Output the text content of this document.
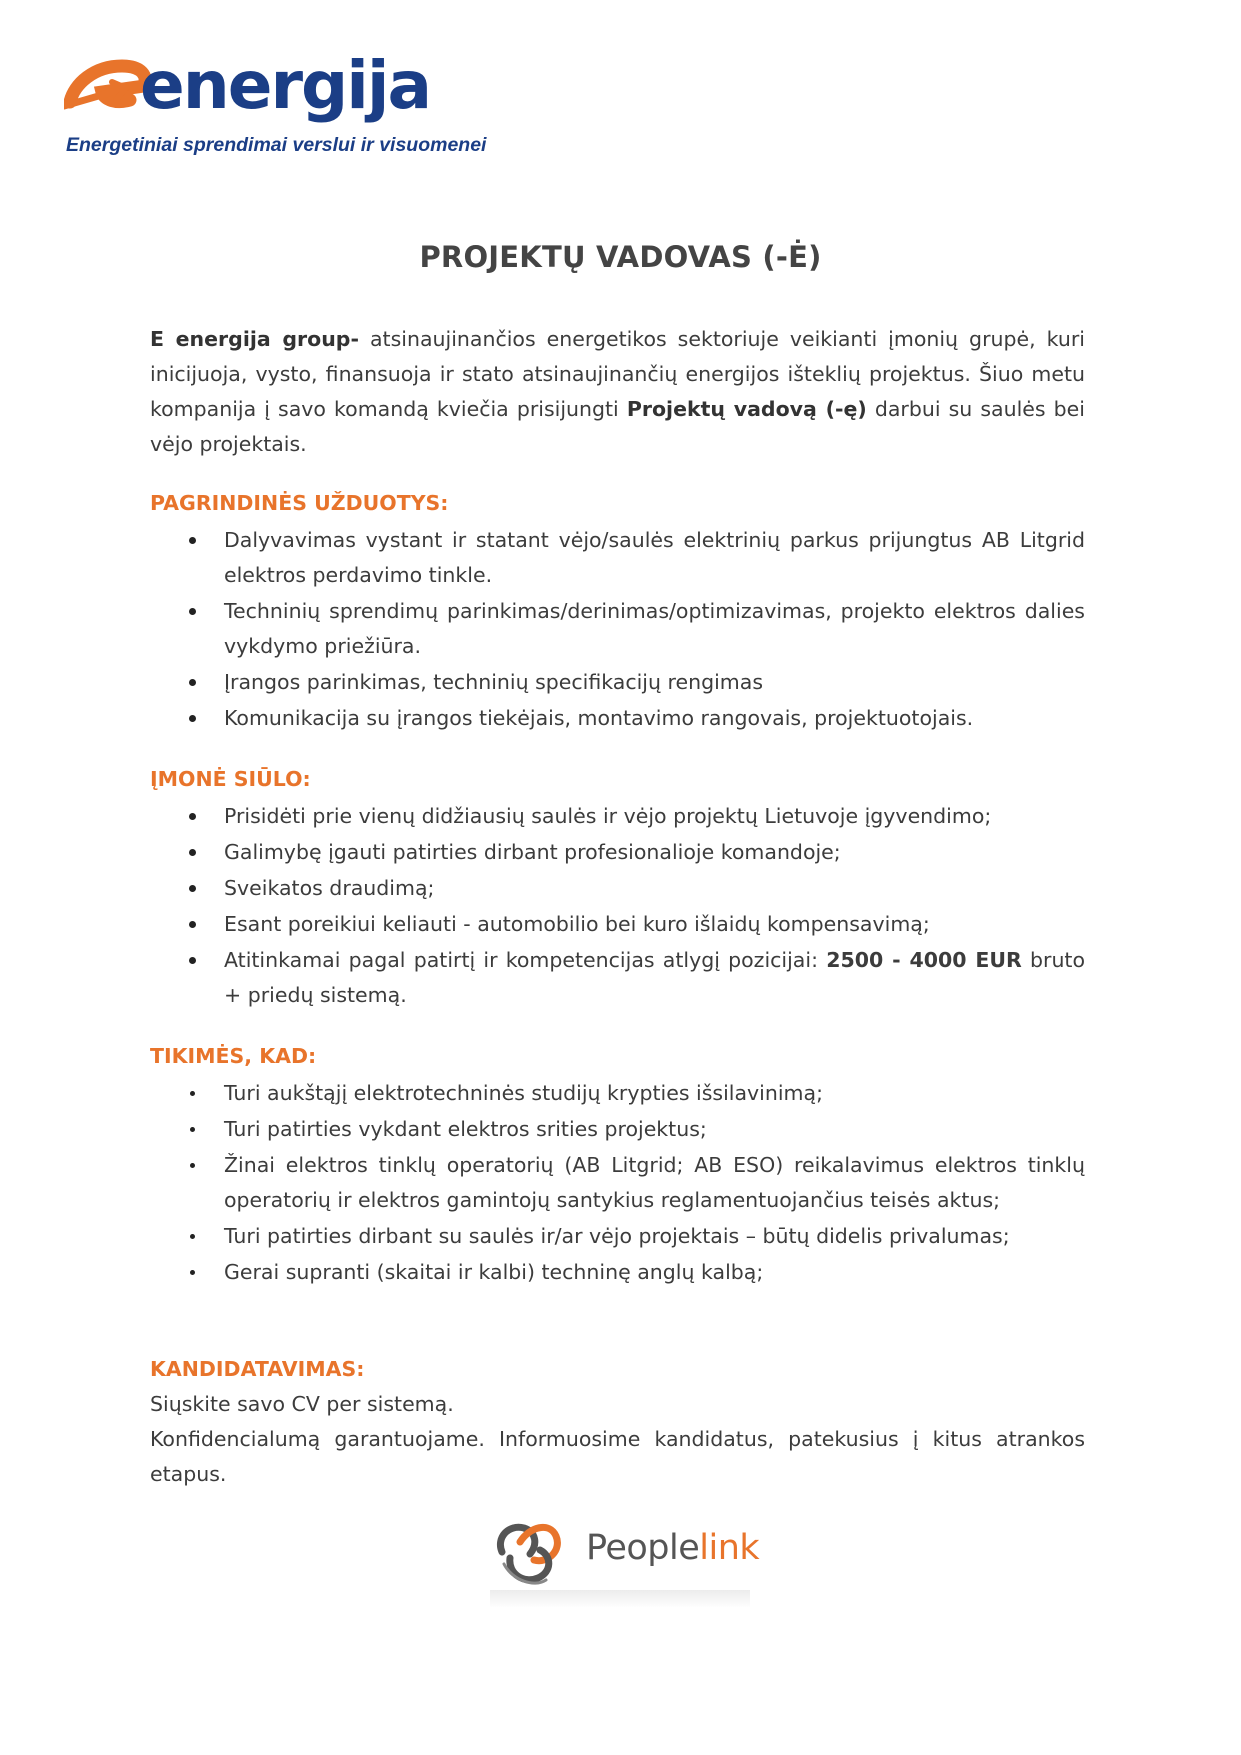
energija
Energetiniai sprendimai verslui ir visuomenei
PROJEKTŲ VADOVAS (-Ė)

E energija group- atsinaujinančios energetikos sektoriuje veikianti įmonių grupė, kuri inicijuoja, vysto, finansuoja ir stato atsinaujinančių energijos išteklių projektus. Šiuo metu kompanija į savo komandą kviečia prisijungti Projektų vadovą (-ę) darbui su saulės bei vėjo projektais.

PAGRINDINĖS UŽDUOTYS:

Dalyvavimas vystant ir statant vėjo/saulės elektrinių parkus prijungtus AB Litgrid elektros perdavimo tinkle.
Techninių sprendimų parinkimas/derinimas/optimizavimas, projekto elektros dalies vykdymo priežiūra.
Įrangos parinkimas, techninių specifikacijų rengimas
Komunikacija su įrangos tiekėjais, montavimo rangovais, projektuotojais.

ĮMONĖ SIŪLO:

Prisidėti prie vienų didžiausių saulės ir vėjo projektų Lietuvoje įgyvendimo;
Galimybę įgauti patirties dirbant profesionalioje komandoje;
Sveikatos draudimą;
Esant poreikiui keliauti - automobilio bei kuro išlaidų kompensavimą;
Atitinkamai pagal patirtį ir kompetencijas atlygį pozicijai: 2500 - 4000 EUR bruto + priedų sistemą.

TIKIMĖS, KAD:

Turi aukštąjį elektrotechninės studijų krypties išsilavinimą;
Turi patirties vykdant elektros srities projektus;
Žinai elektros tinklų operatorių (AB Litgrid; AB ESO) reikalavimus elektros tinklų operatorių ir elektros gamintojų santykius reglamentuojančius teisės aktus;
Turi patirties dirbant su saulės ir/ar vėjo projektais – būtų didelis privalumas;
Gerai supranti (skaitai ir kalbi) techninę anglų kalbą;

KANDIDATAVIMAS:

Siųskite savo CV per sistemą.

Konfidencialumą garantuojame. Informuosime kandidatus, patekusius į kitus atrankos etapus.

Peoplelink
